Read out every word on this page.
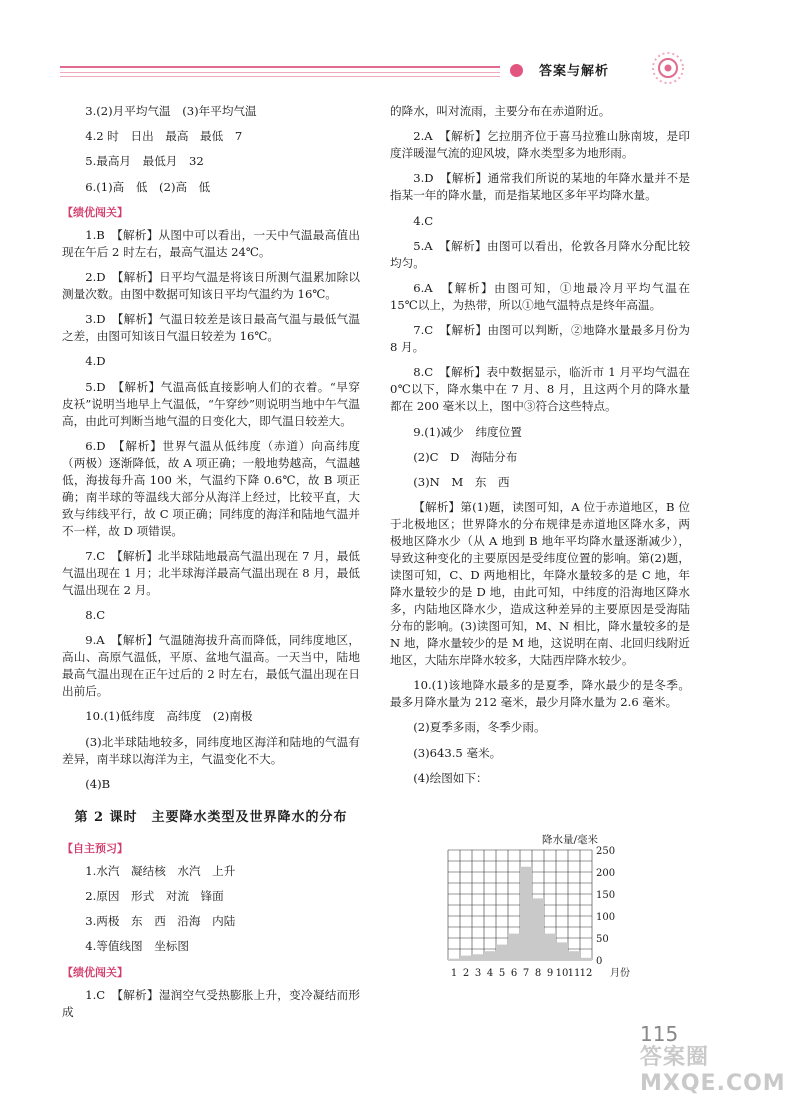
答案与解析

3.(2)月平均气温　(3)年平均气温

4.2 时　日出　最高　最低　7

5.最高月　最低月　32

6.(1)高　低　(2)高　低

【绩优闯关】

1.B　【解析】从图中可以看出，一天中气温最高值出现在午后 2 时左右，最高气温达 24℃。

2.D　【解析】日平均气温是将该日所测气温累加除以测量次数。由图中数据可知该日平均气温约为 16℃。

3.D　【解析】气温日较差是该日最高气温与最低气温之差，由图可知该日气温日较差为 16℃。

4.D

5.D　【解析】气温高低直接影响人们的衣着。“早穿皮袄”说明当地早上气温低，“午穿纱”则说明当地中午气温高，由此可判断当地气温的日变化大，即气温日较差大。

6.D　【解析】世界气温从低纬度（赤道）向高纬度（两极）逐渐降低，故 A 项正确；一般地势越高，气温越低，海拔每升高 100 米，气温约下降 0.6℃，故 B 项正确；南半球的等温线大部分从海洋上经过，比较平直，大致与纬线平行，故 C 项正确；同纬度的海洋和陆地气温并不一样，故 D 项错误。

7.C　【解析】北半球陆地最高气温出现在 7 月，最低气温出现在 1 月；北半球海洋最高气温出现在 8 月，最低气温出现在 2 月。

8.C

9.A　【解析】气温随海拔升高而降低，同纬度地区，高山、高原气温低，平原、盆地气温高。一天当中，陆地最高气温出现在正午过后的 2 时左右，最低气温出现在日出前后。

10.(1)低纬度　高纬度　(2)南极

(3)北半球陆地较多，同纬度地区海洋和陆地的气温有差异，南半球以海洋为主，气温变化不大。

(4)B

第 2 课时　主要降水类型及世界降水的分布
【自主预习】

1.水汽　凝结核　水汽　上升

2.原因　形式　对流　锋面

3.两极　东　西　沿海　内陆

4.等值线图　坐标图

【绩优闯关】

1.C　【解析】湿润空气受热膨胀上升，变冷凝结而形成

的降水，叫对流雨，主要分布在赤道附近。

2.A　【解析】乞拉朋齐位于喜马拉雅山脉南坡，是印度洋暖湿气流的迎风坡，降水类型多为地形雨。

3.D　【解析】通常我们所说的某地的年降水量并不是指某一年的降水量，而是指某地区多年平均降水量。

4.C

5.A　【解析】由图可以看出，伦敦各月降水分配比较均匀。

6.A　【解析】由图可知，①地最冷月平均气温在 15℃以上，为热带，所以①地气温特点是终年高温。

7.C　【解析】由图可以判断，②地降水量最多月份为 8 月。

8.C　【解析】表中数据显示，临沂市 1 月平均气温在 0℃以下，降水集中在 7 月、8 月，且这两个月的降水量都在 200 毫米以上，图中③符合这些特点。

9.(1)减少　纬度位置

(2)C　D　海陆分布

(3)N　M　东　西

【解析】第(1)题，读图可知，A 位于赤道地区，B 位于北极地区；世界降水的分布规律是赤道地区降水多，两极地区降水少（从 A 地到 B 地年平均降水量逐渐减少），导致这种变化的主要原因是受纬度位置的影响。第(2)题，读图可知，C、D 两地相比，年降水量较多的是 C 地，年降水量较少的是 D 地，由此可知，中纬度的沿海地区降水多，内陆地区降水少，造成这种差异的主要原因是受海陆分布的影响。(3)读图可知，M、N 相比，降水量较多的是 N 地，降水量较少的是 M 地，这说明在南、北回归线附近地区，大陆东岸降水较多，大陆西岸降水较少。

10.(1)该地降水最多的是夏季，降水最少的是冬季。最多月降水量为 212 毫米，最少月降水量为 2.6 毫米。

(2)夏季多雨，冬季少雨。

(3)643.5 毫米。

(4)绘图如下：

降水量/毫米
250
200
150
100
50
0
1 2 3 4 5 6 7 8 9 10 11 12 月份
115
答案圈 MXQE.COM
